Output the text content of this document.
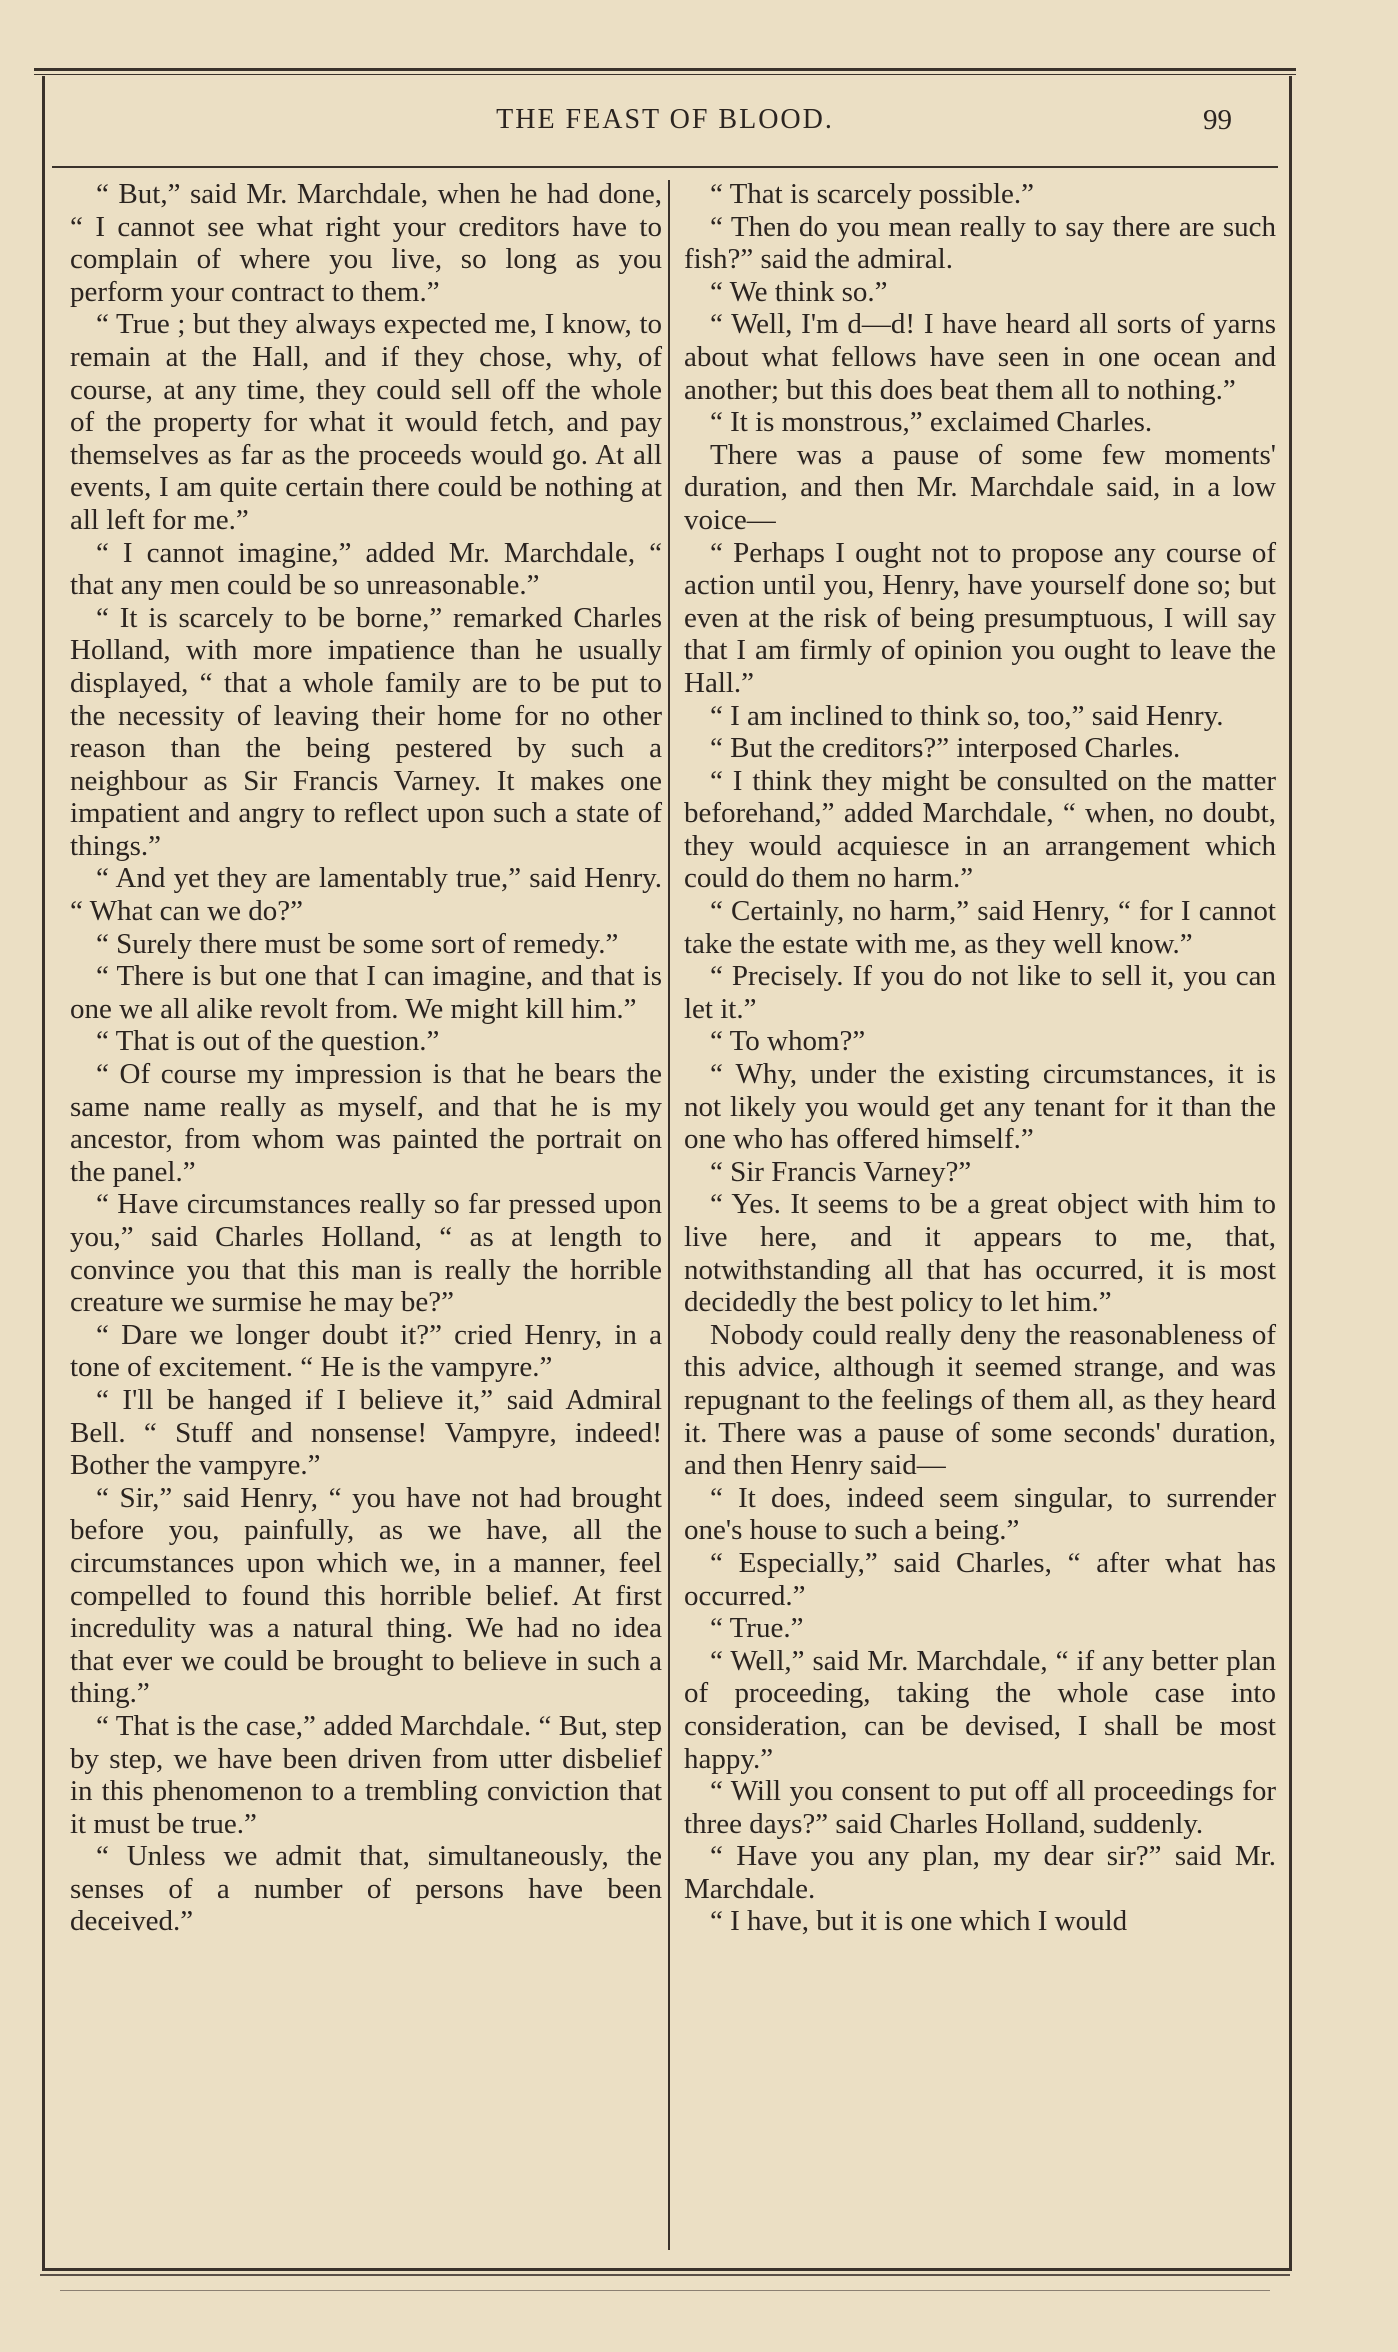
THE FEAST OF BLOOD.	99

“ But,” said Mr. Marchdale, when he had done, “ I cannot see what right your creditors have to complain of where you live, so long as you perform your contract to them.”

“ True ; but they always expected me, I know, to remain at the Hall, and if they chose, why, of course, at any time, they could sell off the whole of the property for what it would fetch, and pay themselves as far as the proceeds would go. At all events, I am quite certain there could be nothing at all left for me.”

“ I cannot imagine,” added Mr. Marchdale, “ that any men could be so unreasonable.”

“ It is scarcely to be borne,” remarked Charles Holland, with more impatience than he usually displayed, “ that a whole family are to be put to the necessity of leaving their home for no other reason than the being pestered by such a neighbour as Sir Francis Varney. It makes one impatient and angry to reflect upon such a state of things.”

“ And yet they are lamentably true,” said Henry. “ What can we do?”

“ Surely there must be some sort of remedy.”

“ There is but one that I can imagine, and that is one we all alike revolt from. We might kill him.”

“ That is out of the question.”

“ Of course my impression is that he bears the same name really as myself, and that he is my ancestor, from whom was painted the portrait on the panel.”

“ Have circumstances really so far pressed upon you,” said Charles Holland, “ as at length to convince you that this man is really the horrible creature we surmise he may be?”

“ Dare we longer doubt it?” cried Henry, in a tone of excitement. “ He is the vampyre.”

“ I'll be hanged if I believe it,” said Admiral Bell. “ Stuff and nonsense! Vampyre, indeed! Bother the vampyre.”

“ Sir,” said Henry, “ you have not had brought before you, painfully, as we have, all the circumstances upon which we, in a manner, feel compelled to found this horrible belief. At first incredulity was a natural thing. We had no idea that ever we could be brought to believe in such a thing.”

“ That is the case,” added Marchdale. “ But, step by step, we have been driven from utter disbelief in this phenomenon to a trembling conviction that it must be true.”

“ Unless we admit that, simultaneously, the senses of a number of persons have been deceived.”

“ That is scarcely possible.”

“ Then do you mean really to say there are such fish?” said the admiral.

“ We think so.”

“ Well, I'm d—d! I have heard all sorts of yarns about what fellows have seen in one ocean and another; but this does beat them all to nothing.”

“ It is monstrous,” exclaimed Charles.

There was a pause of some few moments' duration, and then Mr. Marchdale said, in a low voice—

“ Perhaps I ought not to propose any course of action until you, Henry, have yourself done so; but even at the risk of being presumptuous, I will say that I am firmly of opinion you ought to leave the Hall.”

“ I am inclined to think so, too,” said Henry.

“ But the creditors?” interposed Charles.

“ I think they might be consulted on the matter beforehand,” added Marchdale, “ when, no doubt, they would acquiesce in an arrangement which could do them no harm.”

“ Certainly, no harm,” said Henry, “ for I cannot take the estate with me, as they well know.”

“ Precisely. If you do not like to sell it, you can let it.”

“ To whom?”

“ Why, under the existing circumstances, it is not likely you would get any tenant for it than the one who has offered himself.”

“ Sir Francis Varney?”

“ Yes. It seems to be a great object with him to live here, and it appears to me, that, notwithstanding all that has occurred, it is most decidedly the best policy to let him.”

Nobody could really deny the reasonableness of this advice, although it seemed strange, and was repugnant to the feelings of them all, as they heard it. There was a pause of some seconds' duration, and then Henry said—

“ It does, indeed seem singular, to surrender one's house to such a being.”

“ Especially,” said Charles, “ after what has occurred.”

“ True.”

“ Well,” said Mr. Marchdale, “ if any better plan of proceeding, taking the whole case into consideration, can be devised, I shall be most happy.”

“ Will you consent to put off all proceedings for three days?” said Charles Holland, suddenly.

“ Have you any plan, my dear sir?” said Mr. Marchdale.

“ I have, but it is one which I would
